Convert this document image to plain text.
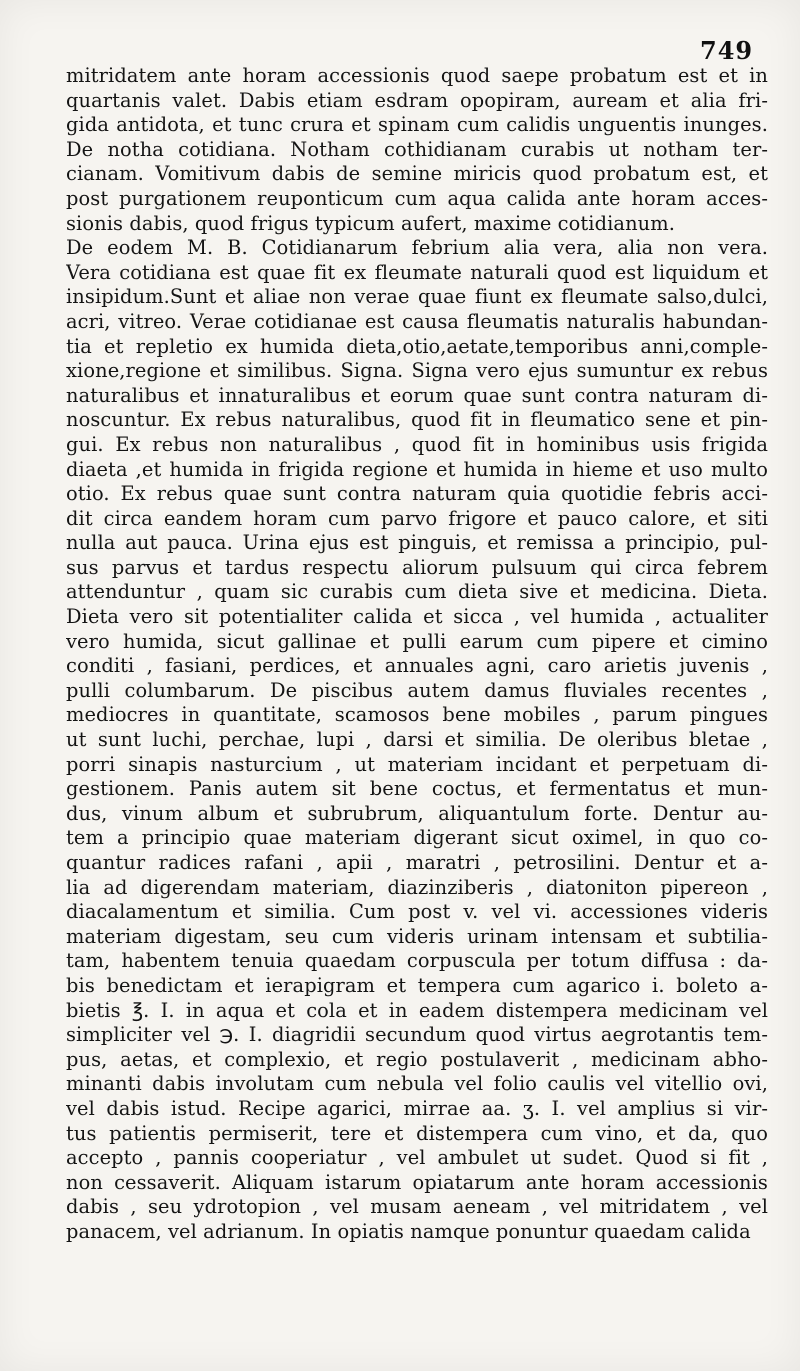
749
mitridatem ante horam accessionis quod saepe probatum est et in
quartanis valet. Dabis etiam esdram opopiram, auream et alia fri-
gida antidota, et tunc crura et spinam cum calidis unguentis inunges.
De notha cotidiana. Notham cothidianam curabis ut notham ter-
cianam. Vomitivum dabis de semine miricis quod probatum est, et
post purgationem reuponticum cum aqua calida ante horam acces-
sionis dabis, quod frigus typicum aufert, maxime cotidianum.
De eodem M. B. Cotidianarum febrium alia vera, alia non vera.
Vera cotidiana est quae fit ex fleumate naturali quod est liquidum et
insipidum.Sunt et aliae non verae quae fiunt ex fleumate salso,dulci,
acri, vitreo. Verae cotidianae est causa fleumatis naturalis habundan-
tia et repletio ex humida dieta,otio,aetate,temporibus anni,comple-
xione,regione et similibus. Signa. Signa vero ejus sumuntur ex rebus
naturalibus et innaturalibus et eorum quae sunt contra naturam di-
noscuntur. Ex rebus naturalibus, quod fit in fleumatico sene et pin-
gui. Ex rebus non naturalibus , quod fit in hominibus usis frigida
diaeta ,et humida in frigida regione et humida in hieme et uso multo
otio. Ex rebus quae sunt contra naturam quia quotidie febris acci-
dit circa eandem horam cum parvo frigore et pauco calore, et siti
nulla aut pauca. Urina ejus est pinguis, et remissa a principio, pul-
sus parvus et tardus respectu aliorum pulsuum qui circa febrem
attenduntur , quam sic curabis cum dieta sive et medicina. Dieta.
Dieta vero sit potentialiter calida et sicca , vel humida , actualiter
vero humida, sicut gallinae et pulli earum cum pipere et cimino
conditi , fasiani, perdices, et annuales agni, caro arietis juvenis ,
pulli columbarum. De piscibus autem damus fluviales recentes ,
mediocres in quantitate, scamosos bene mobiles , parum pingues
ut sunt luchi, perchae, lupi , darsi et similia. De oleribus bletae ,
porri sinapis nasturcium , ut materiam incidant et perpetuam di-
gestionem. Panis autem sit bene coctus, et fermentatus et mun-
dus, vinum album et subrubrum, aliquantulum forte. Dentur au-
tem a principio quae materiam digerant sicut oximel, in quo co-
quantur radices rafani , apii , maratri , petrosilini. Dentur et a-
lia ad digerendam materiam, diazinziberis , diatoniton pipereon ,
diacalamentum et similia. Cum post v. vel vi. accessiones videris
materiam digestam, seu cum videris urinam intensam et subtilia-
tam, habentem tenuia quaedam corpuscula per totum diffusa : da-
bis benedictam et ierapigram et tempera cum agarico i. boleto a-
bietis ℥. I. in aqua et cola et in eadem distempera medicinam vel
simpliciter vel ℈. I. diagridii secundum quod virtus aegrotantis tem-
pus, aetas, et complexio, et regio postulaverit , medicinam abho-
minanti dabis involutam cum nebula vel folio caulis vel vitellio ovi,
vel dabis istud. Recipe agarici, mirrae aa. ʒ. I. vel amplius si vir-
tus patientis permiserit, tere et distempera cum vino, et da, quo
accepto , pannis cooperiatur , vel ambulet ut sudet. Quod si fit ,
non cessaverit. Aliquam istarum opiatarum ante horam accessionis
dabis , seu ydrotopion , vel musam aeneam , vel mitridatem , vel
panacem, vel adrianum. In opiatis namque ponuntur quaedam calida
